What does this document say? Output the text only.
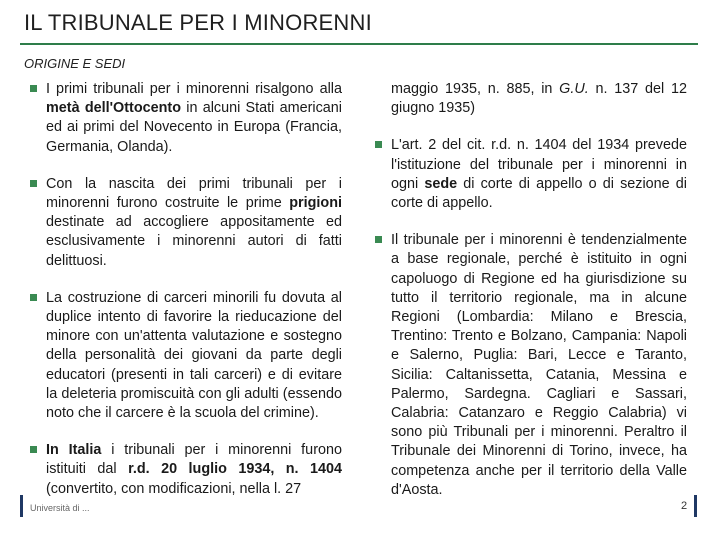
IL TRIBUNALE PER I MINORENNI
ORIGINE E SEDI
I primi tribunali per i minorenni risalgono alla metà dell'Ottocento in alcuni Stati americani ed ai primi del Novecento in Europa (Francia, Germania, Olanda).
Con la nascita dei primi tribunali per i minorenni furono costruite le prime prigioni destinate ad accogliere appositamente ed esclusivamente i minorenni autori di fatti delittuosi.
La costruzione di carceri minorili fu dovuta al duplice intento di favorire la rieducazione del minore con un'attenta valutazione e sostegno della personalità dei giovani da parte degli educatori (presenti in tali carceri) e di evitare la deleteria promiscuità con gli adulti (essendo noto che il carcere è la scuola del crimine).
In Italia i tribunali per i minorenni furono istituiti dal r.d. 20 luglio 1934, n. 1404 (convertito, con modificazioni, nella l. 27
maggio 1935, n. 885, in G.U. n. 137 del 12 giugno 1935)
L'art. 2 del cit. r.d. n. 1404 del 1934 prevede l'istituzione del tribunale per i minorenni in ogni sede di corte di appello o di sezione di corte di appello.
Il tribunale per i minorenni è tendenzialmente a base regionale, perché è istituito in ogni capoluogo di Regione ed ha giurisdizione su tutto il territorio regionale, ma in alcune Regioni (Lombardia: Milano e Brescia, Trentino: Trento e Bolzano, Campania: Napoli e Salerno, Puglia: Bari, Lecce e Taranto, Sicilia: Caltanissetta, Catania, Messina e Palermo, Sardegna. Cagliari e Sassari, Calabria: Catanzaro e Reggio Calabria) vi sono più Tribunali per i minorenni. Peraltro il Tribunale dei Minorenni di Torino, invece, ha competenza anche per il territorio della Valle d'Aosta.
Università di ...	2
